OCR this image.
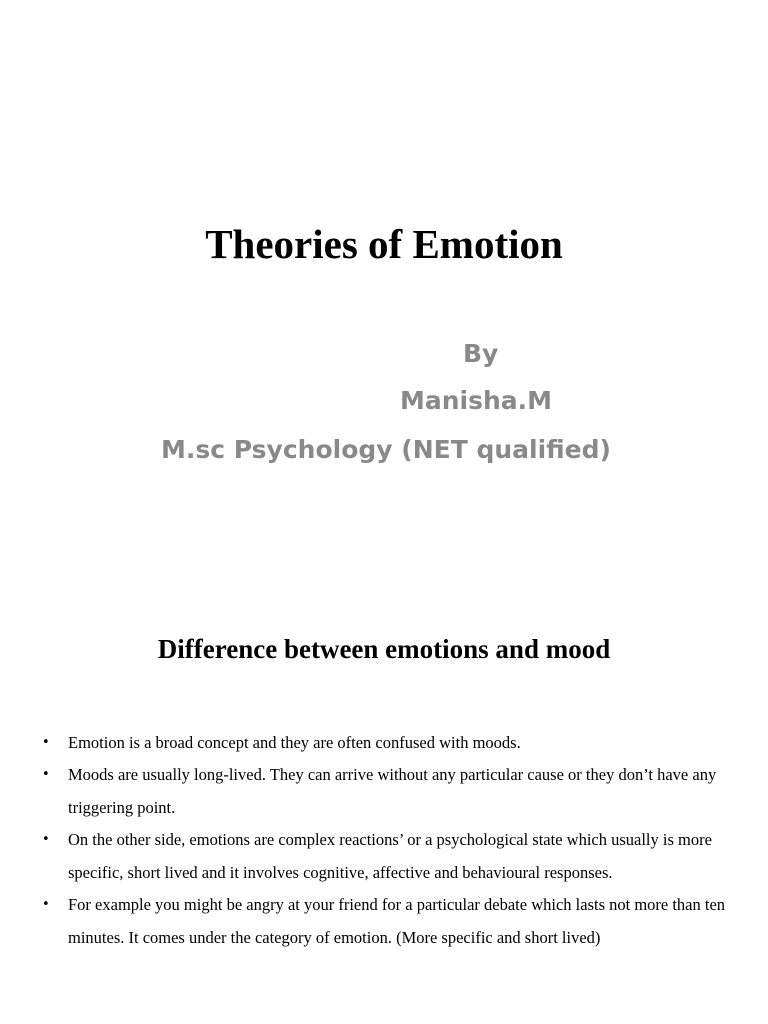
Theories of Emotion

By

Manisha.M

M.sc Psychology (NET qualified)

Difference between emotions and mood
• Emotion is a broad concept and they are often confused with moods.
• Moods are usually long-lived. They can arrive without any particular cause or they don’t have any triggering point.
• On the other side, emotions are complex reactions’ or a psychological state which usually is more specific, short lived and it involves cognitive, affective and behavioural responses.
• For example you might be angry at your friend for a particular debate which lasts not more than ten minutes. It comes under the category of emotion. (More specific and short lived)
